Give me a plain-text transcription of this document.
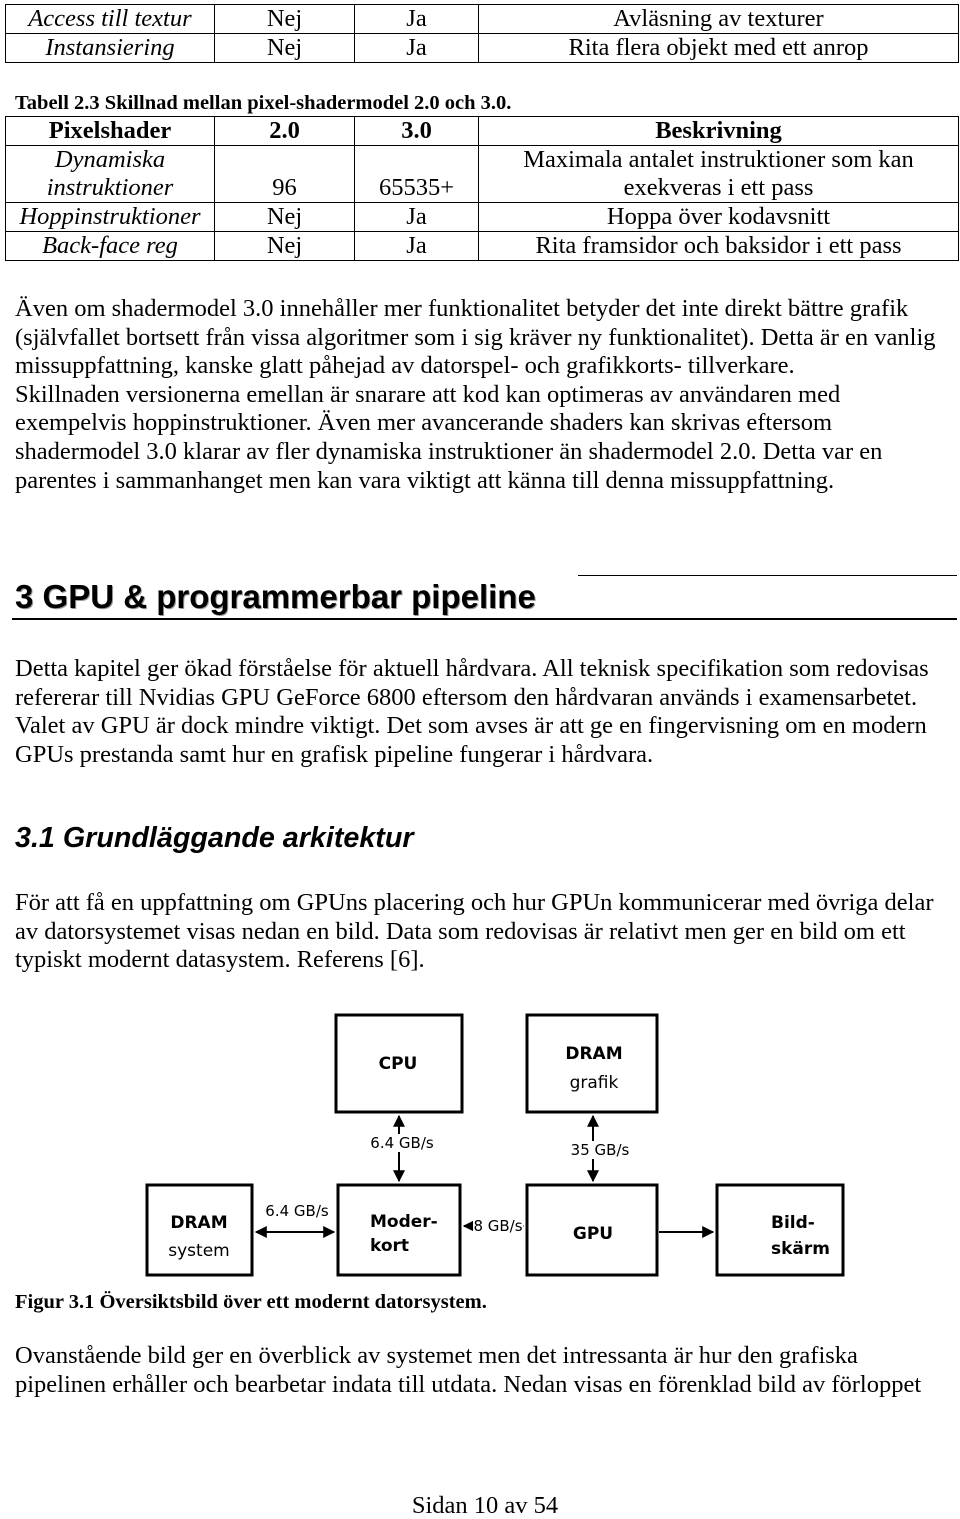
Access till textur	Nej	Ja	Avläsning av texturer
Instansiering	Nej	Ja	Rita flera objekt med ett anrop
Tabell 2.3 Skillnad mellan pixel-shadermodel 2.0 och 3.0.
Pixelshader	2.0	3.0	Beskrivning

Dynamiska
instruktioner	96	65535+	Maximala antalet instruktioner som kan
exekveras i ett pass

Hoppinstruktioner	Nej	Ja	Hoppa över kodavsnitt
Back-face reg	Nej	Ja	Rita framsidor och baksidor i ett pass
Även om shadermodel 3.0 innehåller mer funktionalitet betyder det inte direkt bättre grafik
(självfallet bortsett från vissa algoritmer som i sig kräver ny funktionalitet). Detta är en vanlig
missuppfattning, kanske glatt påhejad av datorspel- och grafikkorts- tillverkare.
Skillnaden versionerna emellan är snarare att kod kan optimeras av användaren med
exempelvis hoppinstruktioner. Även mer avancerande shaders kan skrivas eftersom
shadermodel 3.0 klarar av fler dynamiska instruktioner än shadermodel 2.0. Detta var en
parentes i sammanhanget men kan vara viktigt att känna till denna missuppfattning.
3 GPU & programmerbar pipeline
Detta kapitel ger ökad förståelse för aktuell hårdvara. All teknisk specifikation som redovisas
refererar till Nvidias GPU GeForce 6800 eftersom den hårdvaran används i examensarbetet.
Valet av GPU är dock mindre viktigt. Det som avses är att ge en fingervisning om en modern
GPUs prestanda samt hur en grafisk pipeline fungerar i hårdvara.
3.1 Grundläggande arkitektur
För att få en uppfattning om GPUns placering och hur GPUn kommunicerar med övriga delar
av datorsystemet visas nedan en bild. Data som redovisas är relativt men ger en bild om ett
typiskt modernt datasystem. Referens [6].
CPU	DRAM
grafik
DRAM
system
Moder-
kort
GPU
Bild-
skärm
6.4 GB/s	35 GB/s
6.4 GB/s
8 GB/s
Figur 3.1 Översiktsbild över ett modernt datorsystem.
Ovanstående bild ger en överblick av systemet men det intressanta är hur den grafiska
pipelinen erhåller och bearbetar indata till utdata. Nedan visas en förenklad bild av förloppet
Sidan 10 av 54
